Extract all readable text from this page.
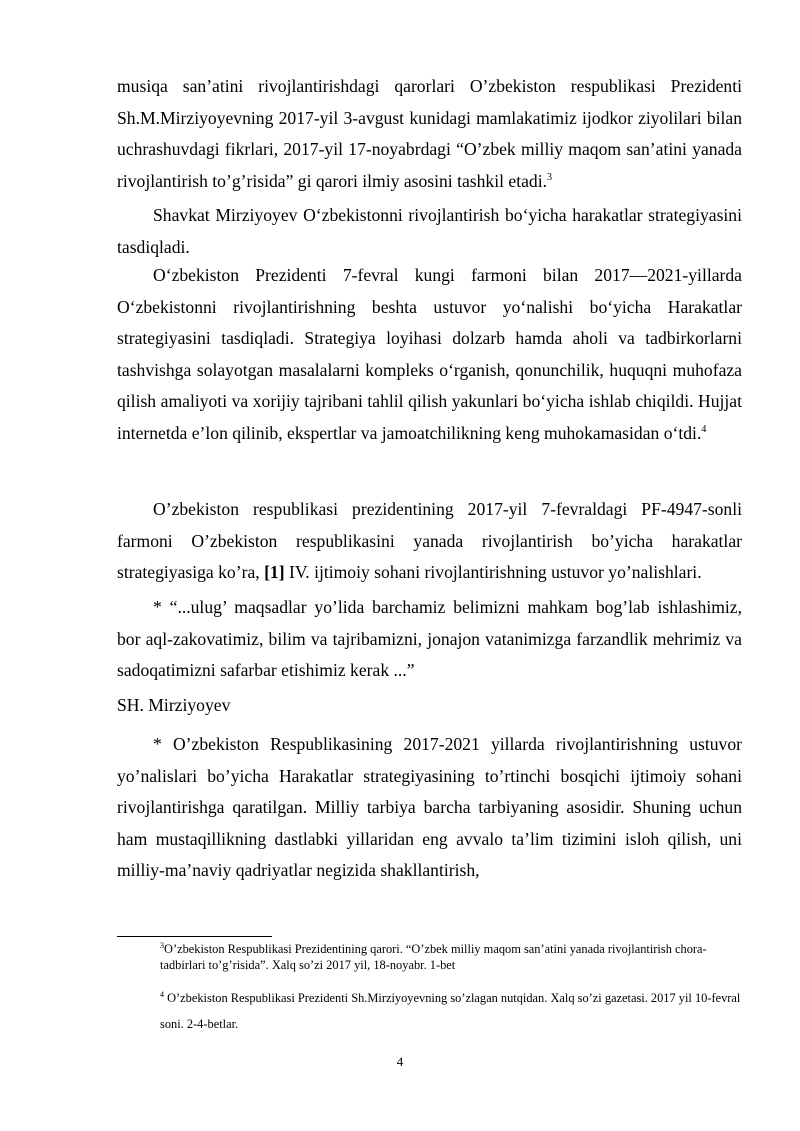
musiqa san’atini rivojlantirishdagi qarorlari O’zbekiston respublikasi Prezidenti Sh.M.Mirziyoyevning 2017-yil 3-avgust kunidagi mamlakatimiz ijodkor ziyolilari bilan uchrashuvdagi fikrlari, 2017-yil 17-noyabrdagi “O’zbek milliy maqom san’atini yanada rivojlantirish to’g’risida” gi qarori ilmiy asosini tashkil etadi.$^3$

Shavkat Mirziyoyev O‘zbekistonni rivojlantirish bo‘yicha harakatlar strategiyasini tasdiqladi.

O‘zbekiston Prezidenti 7-fevral kungi farmoni bilan 2017—2021-yillarda O‘zbekistonni rivojlantirishning beshta ustuvor yo‘nalishi bo‘yicha Harakatlar strategiyasini tasdiqladi. Strategiya loyihasi dolzarb hamda aholi va tadbirkorlarni tashvishga solayotgan masalalarni kompleks o‘rganish, qonunchilik, huquqni muhofaza qilish amaliyoti va xorijiy tajribani tahlil qilish yakunlari bo‘yicha ishlab chiqildi. Hujjat internetda e’lon qilinib, ekspertlar va jamoatchilikning keng muhokamasidan o‘tdi.$^4$

O’zbekiston respublikasi prezidentining 2017-yil 7-fevraldagi PF-4947-sonli farmoni O’zbekiston respublikasini yanada rivojlantirish bo’yicha harakatlar strategiyasiga ko’ra, [1] IV. ijtimoiy sohani rivojlantirishning ustuvor yo’nalishlari.

* “...ulug’ maqsadlar yo’lida barchamiz belimizni mahkam bog’lab ishlashimiz, bor aql-zakovatimiz, bilim va tajribamizni, jonajon vatanimizga farzandlik mehrimiz va sadoqatimizni safarbar etishimiz kerak ...”

SH. Mirziyoyev

* O’zbekiston Respublikasining 2017-2021 yillarda rivojlantirishning ustuvor yo’nalislari bo’yicha Harakatlar strategiyasining to’rtinchi bosqichi ijtimoiy sohani rivojlantirishga qaratilgan. Milliy tarbiya barcha tarbiyaning asosidir. Shuning uchun ham mustaqillikning dastlabki yillaridan eng avvalo ta’lim tizimini isloh qilish, uni milliy-ma’naviy qadriyatlar negizida shakllantirish,

$^3$O’zbekiston Respublikasi Prezidentining qarori. “O’zbek milliy maqom san’atini yanada rivojlantirish chora-tadbirlari to’g’risida”. Xalq so’zi 2017 yil, 18-noyabr. 1-bet

$^4$ O’zbekiston Respublikasi Prezidenti Sh.Mirziyoyevning so’zlagan nutqidan. Xalq so’zi gazetasi. 2017 yil 10-fevral soni. 2-4-betlar.

4
